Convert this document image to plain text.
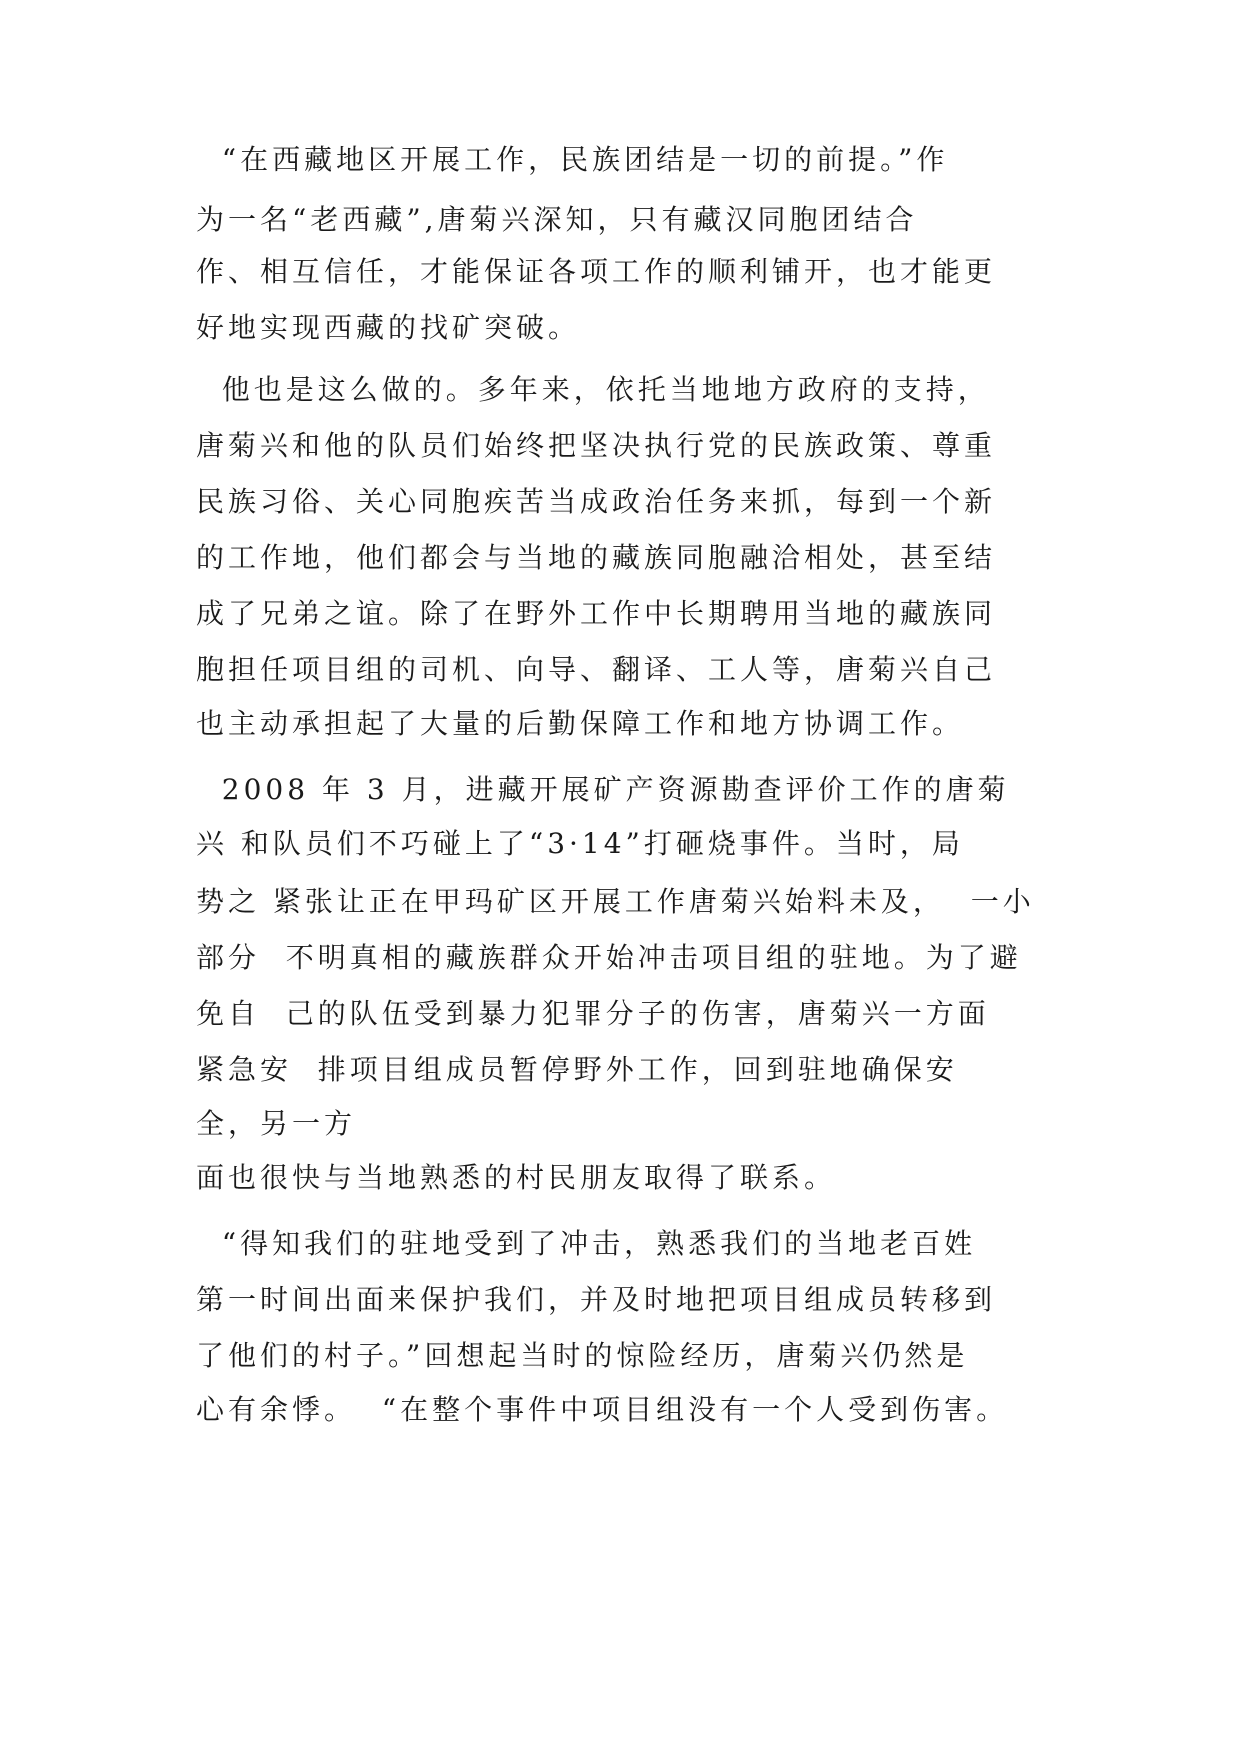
“在西藏地区开展工作，民族团结是一切的前提。”作
为一名“老西藏”,唐菊兴深知，只有藏汉同胞团结合
作、相互信任，才能保证各项工作的顺利铺开，也才能更
好地实现西藏的找矿突破。
他也是这么做的。多年来，依托当地地方政府的支持，
唐菊兴和他的队员们始终把坚决执行党的民族政策、尊重
民族习俗、关心同胞疾苦当成政治任务来抓，每到一个新
的工作地，他们都会与当地的藏族同胞融洽相处，甚至结
成了兄弟之谊。除了在野外工作中长期聘用当地的藏族同
胞担任项目组的司机、向导、翻译、工人等，唐菊兴自己
也主动承担起了大量的后勤保障工作和地方协调工作。
2008 年 3 月，进藏开展矿产资源勘查评价工作的唐菊
兴 和队员们不巧碰上了“3·14”打砸烧事件。当时，局
势之 紧张让正在甲玛矿区开展工作唐菊兴始料未及，  一小
部分  不明真相的藏族群众开始冲击项目组的驻地。为了避
免自  己的队伍受到暴力犯罪分子的伤害，唐菊兴一方面
紧急安  排项目组成员暂停野外工作，回到驻地确保安
全，另一方
面也很快与当地熟悉的村民朋友取得了联系。
“得知我们的驻地受到了冲击，熟悉我们的当地老百姓
第一时间出面来保护我们，并及时地把项目组成员转移到
了他们的村子。”回想起当时的惊险经历，唐菊兴仍然是
心有余悸。  “在整个事件中项目组没有一个人受到伤害。
